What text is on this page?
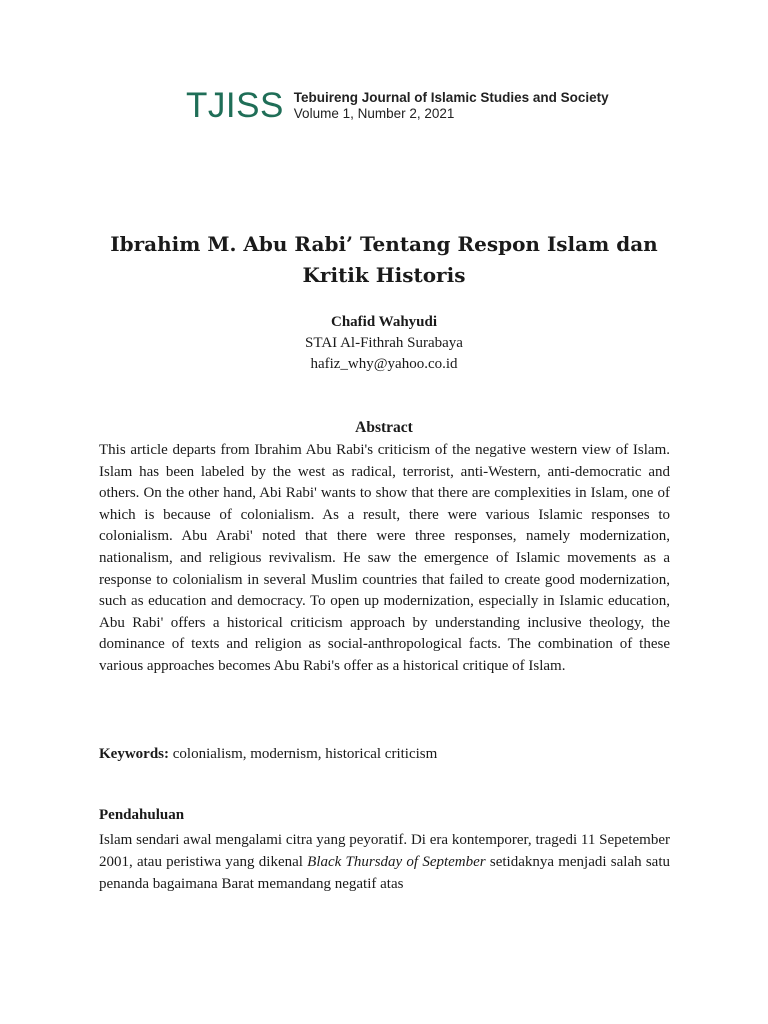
TJISS Tebuireng Journal of Islamic Studies and Society
Volume 1, Number 2, 2021
Ibrahim M. Abu Rabi’ Tentang Respon Islam dan Kritik Historis
Chafid Wahyudi
STAI Al-Fithrah Surabaya
hafiz_why@yahoo.co.id
Abstract
This article departs from Ibrahim Abu Rabi's criticism of the negative western view of Islam. Islam has been labeled by the west as radical, terrorist, anti-Western, anti-democratic and others. On the other hand, Abi Rabi' wants to show that there are complexities in Islam, one of which is because of colonialism. As a result, there were various Islamic responses to colonialism. Abu Arabi' noted that there were three responses, namely modernization, nationalism, and religious revivalism. He saw the emergence of Islamic movements as a response to colonialism in several Muslim countries that failed to create good modernization, such as education and democracy. To open up modernization, especially in Islamic education, Abu Rabi' offers a historical criticism approach by understanding inclusive theology, the dominance of texts and religion as social-anthropological facts. The combination of these various approaches becomes Abu Rabi's offer as a historical critique of Islam.
Keywords: colonialism, modernism, historical criticism
Pendahuluan
Islam sendari awal mengalami citra yang peyoratif. Di era kontemporer, tragedi 11 Sepetember 2001, atau peristiwa yang dikenal Black Thursday of September setidaknya menjadi salah satu penanda bagaimana Barat memandang negatif atas
